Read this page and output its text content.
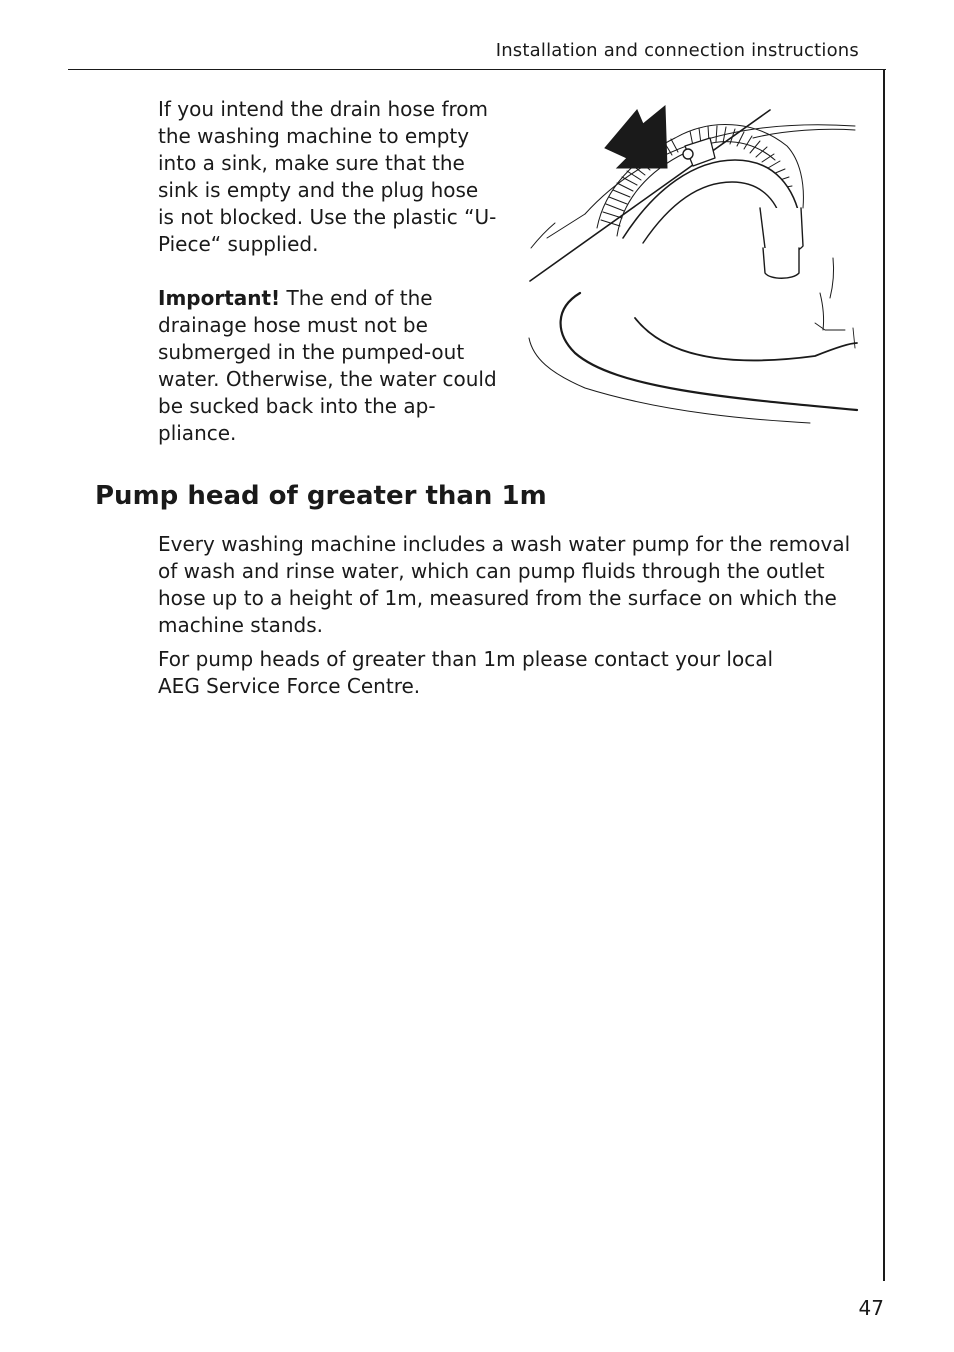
Installation and connection instructions

If you intend the drain hose from the washing machine to empty into a sink, make sure that the sink is empty and the plug hose is not blocked. Use the plastic “U-Piece“ supplied.

Important! The end of the drainage hose must not be submerged in the pumped-out water. Otherwise, the water could be sucked back into the ap-pliance.

Pump head of greater than 1m

Every washing machine includes a wash water pump for the removal of wash and rinse water, which can pump fluids through the outlet hose up to a height of 1m, measured from the surface on which the machine stands.

For pump heads of greater than 1m please contact your local
AEG Service Force Centre.

47
